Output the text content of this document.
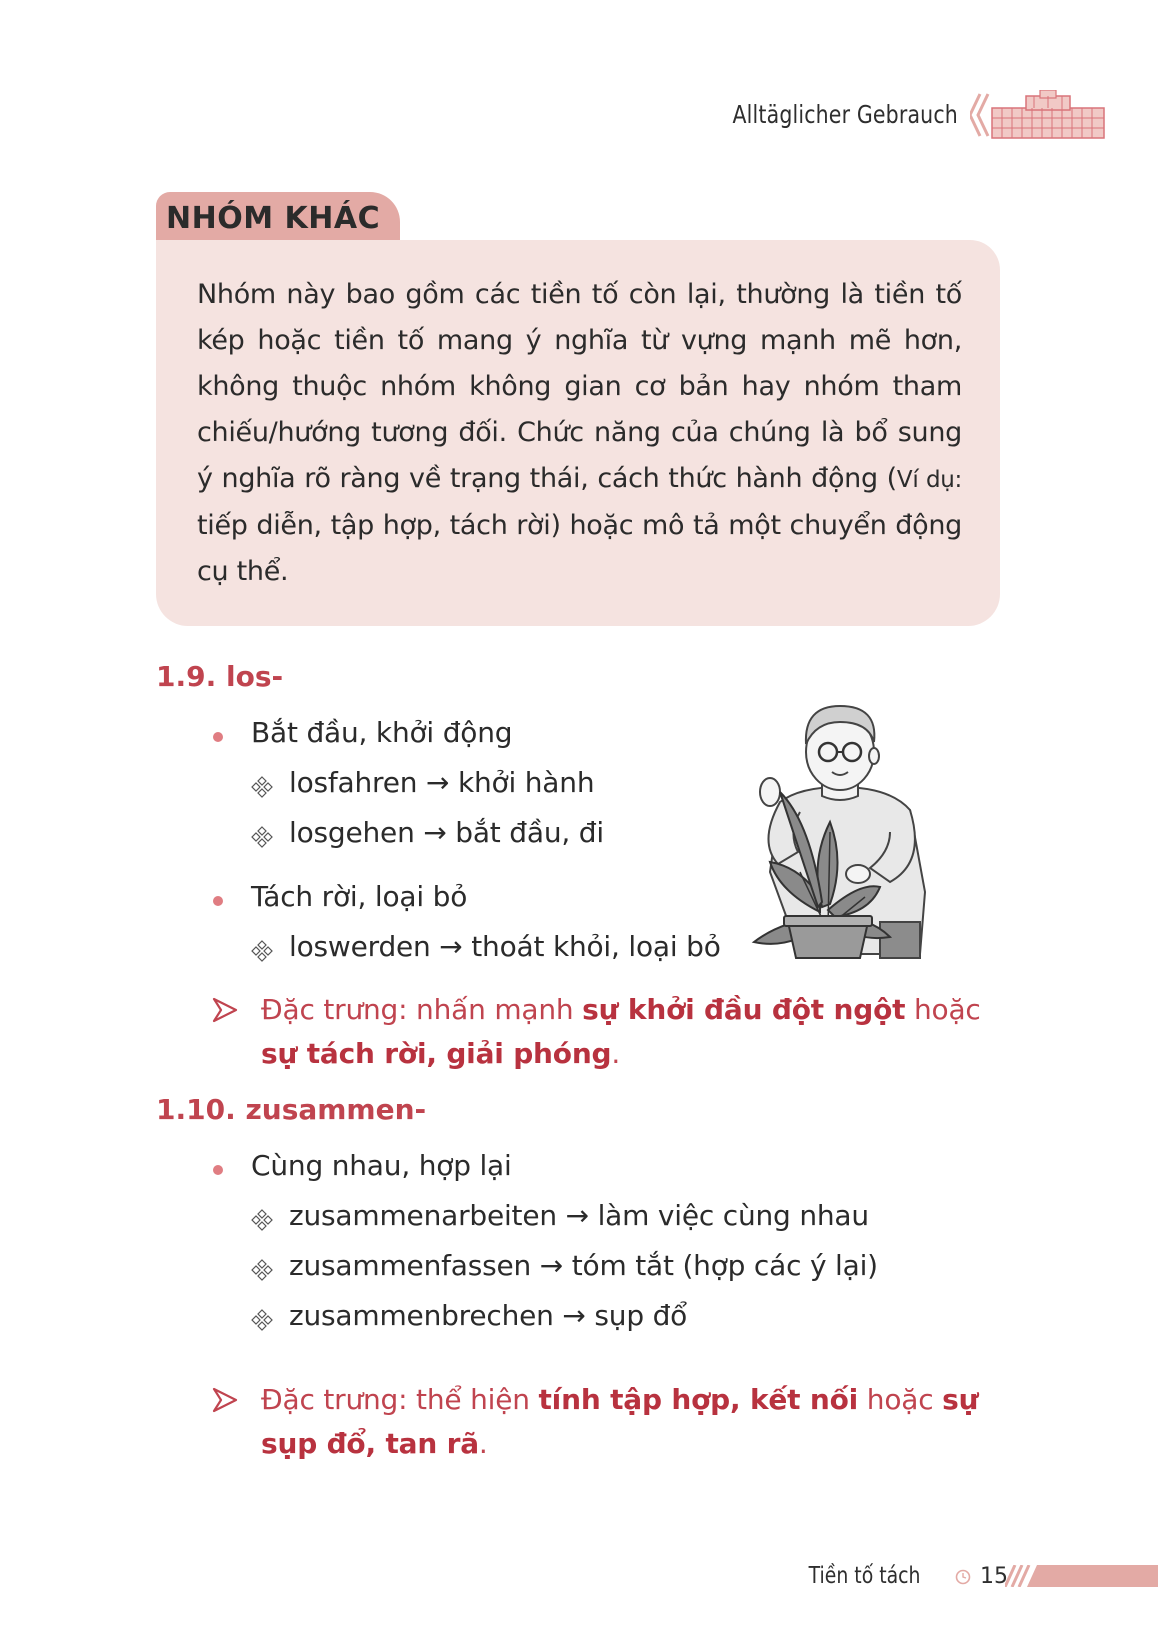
Alltäglicher Gebrauch
NHÓM KHÁC
Nhóm này bao gồm các tiền tố còn lại, thường là tiền tố
kép hoặc tiền tố mang ý nghĩa từ vựng mạnh mẽ hơn,
không thuộc nhóm không gian cơ bản hay nhóm tham
chiếu/hướng tương đối. Chức năng của chúng là bổ sung
ý nghĩa rõ ràng về trạng thái, cách thức hành động (Ví dụ:
tiếp diễn, tập hợp, tách rời) hoặc mô tả một chuyển động
cụ thể.
1.9. los-
Bắt đầu, khởi động
losfahren → khởi hành
losgehen → bắt đầu, đi
Tách rời, loại bỏ
loswerden → thoát khỏi, loại bỏ
Đặc trưng: nhấn mạnh sự khởi đầu đột ngột hoặc sự tách rời, giải phóng.
1.10. zusammen-
Cùng nhau, hợp lại
zusammenarbeiten → làm việc cùng nhau
zusammenfassen → tóm tắt (hợp các ý lại)
zusammenbrechen → sụp đổ
Đặc trưng: thể hiện tính tập hợp, kết nối hoặc sự sụp đổ, tan rã.
Tiền tố tách	15
